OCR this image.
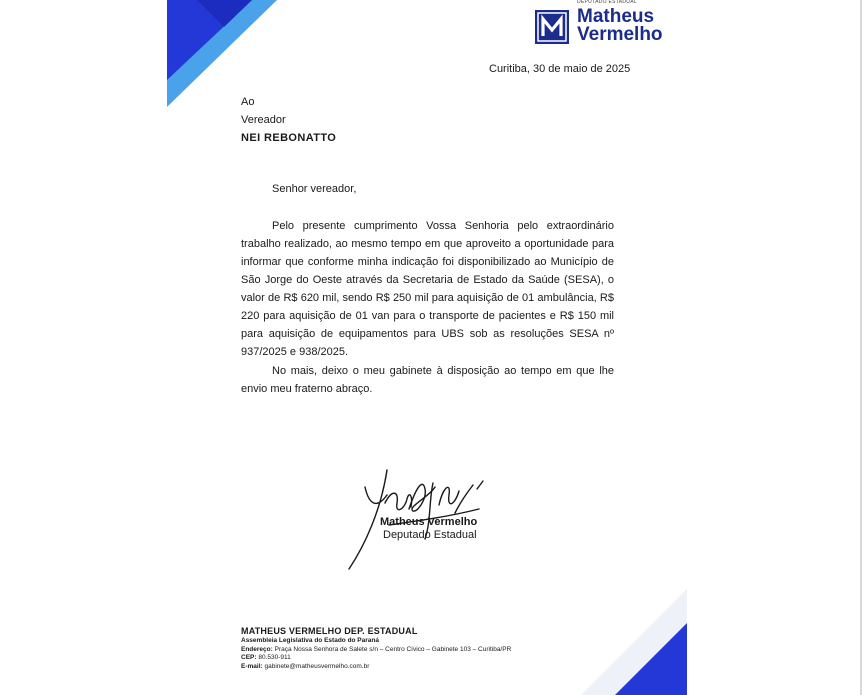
DEPUTADO ESTADUAL
Matheus
Vermelho
Curitiba, 30 de maio de 2025
Ao
Vereador
NEI REBONATTO
Senhor vereador,

Pelo presente cumprimento Vossa Senhoria pelo extraordinário trabalho realizado, ao mesmo tempo em que aproveito a oportunidade para informar que conforme minha indicação foi disponibilizado ao Município de São Jorge do Oeste através da Secretaria de Estado da Saúde (SESA), o valor de R$ 620 mil, sendo R$ 250 mil para aquisição de 01 ambulância, R$ 220 para aquisição de 01 van para o transporte de pacientes e R$ 150 mil para aquisição de equipamentos para UBS sob as resoluções SESA nº 937/2025 e 938/2025.

No mais, deixo o meu gabinete à disposição ao tempo em que lhe envio meu fraterno abraço.

Matheus Vermelho
Deputado Estadual
MATHEUS VERMELHO DEP. ESTADUAL
Assembleia Legislativa do Estado do Paraná
Endereço: Praça Nossa Senhora de Salete s/n – Centro Cívico – Gabinete 103 – Curitiba/PR
CEP: 80.530-911
E-mail: gabinete@matheusvermelho.com.br
